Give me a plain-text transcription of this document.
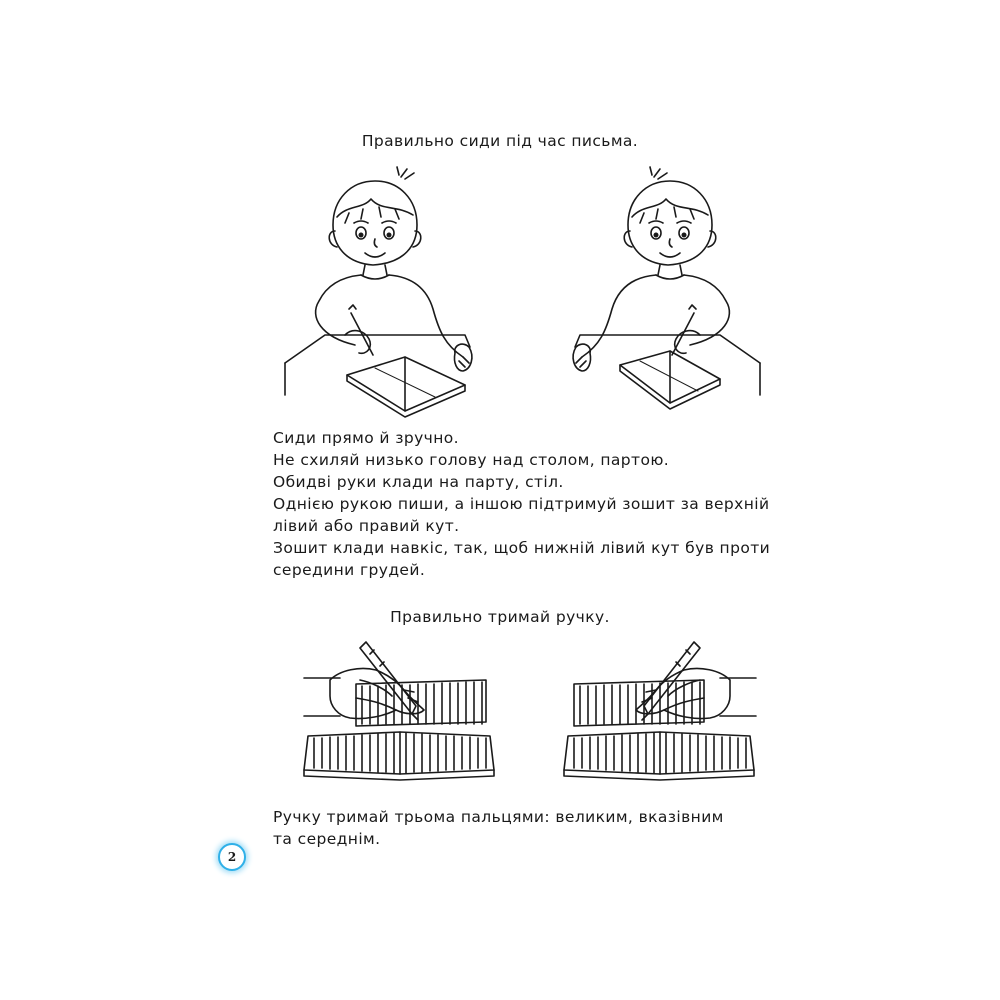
Правильно сиди під час письма.
Сиди прямо й зручно.
Не схиляй низько голову над столом, партою.
Обидві руки клади на парту, стіл.
Однією рукою пиши, а іншою підтримуй зошит за верхній
лівий або правий кут.
Зошит клади навкіс, так, щоб нижній лівий кут був проти
середини грудей.
Правильно тримай ручку.
Ручку тримай трьома пальцями: великим, вказівним
та середнім.
2
